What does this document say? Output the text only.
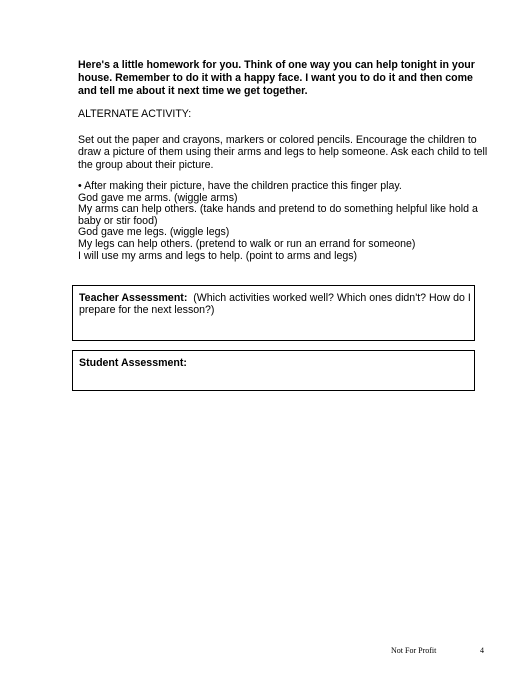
Here's a little homework for you. Think of one way you can help tonight in your
house. Remember to do it with a happy face. I want you to do it and then come
and tell me about it next time we get together.
ALTERNATE ACTIVITY:
Set out the paper and crayons, markers or colored pencils. Encourage the children to
draw a picture of them using their arms and legs to help someone. Ask each child to tell
the group about their picture.
• After making their picture, have the children practice this finger play.
God gave me arms. (wiggle arms)
My arms can help others. (take hands and pretend to do something helpful like hold a
baby or stir food)
God gave me legs. (wiggle legs)
My legs can help others. (pretend to walk or run an errand for someone)
I will use my arms and legs to help. (point to arms and legs)
Teacher Assessment: (Which activities worked well? Which ones didn't? How do I
prepare for the next lesson?)
Student Assessment:
Not For Profit	4
